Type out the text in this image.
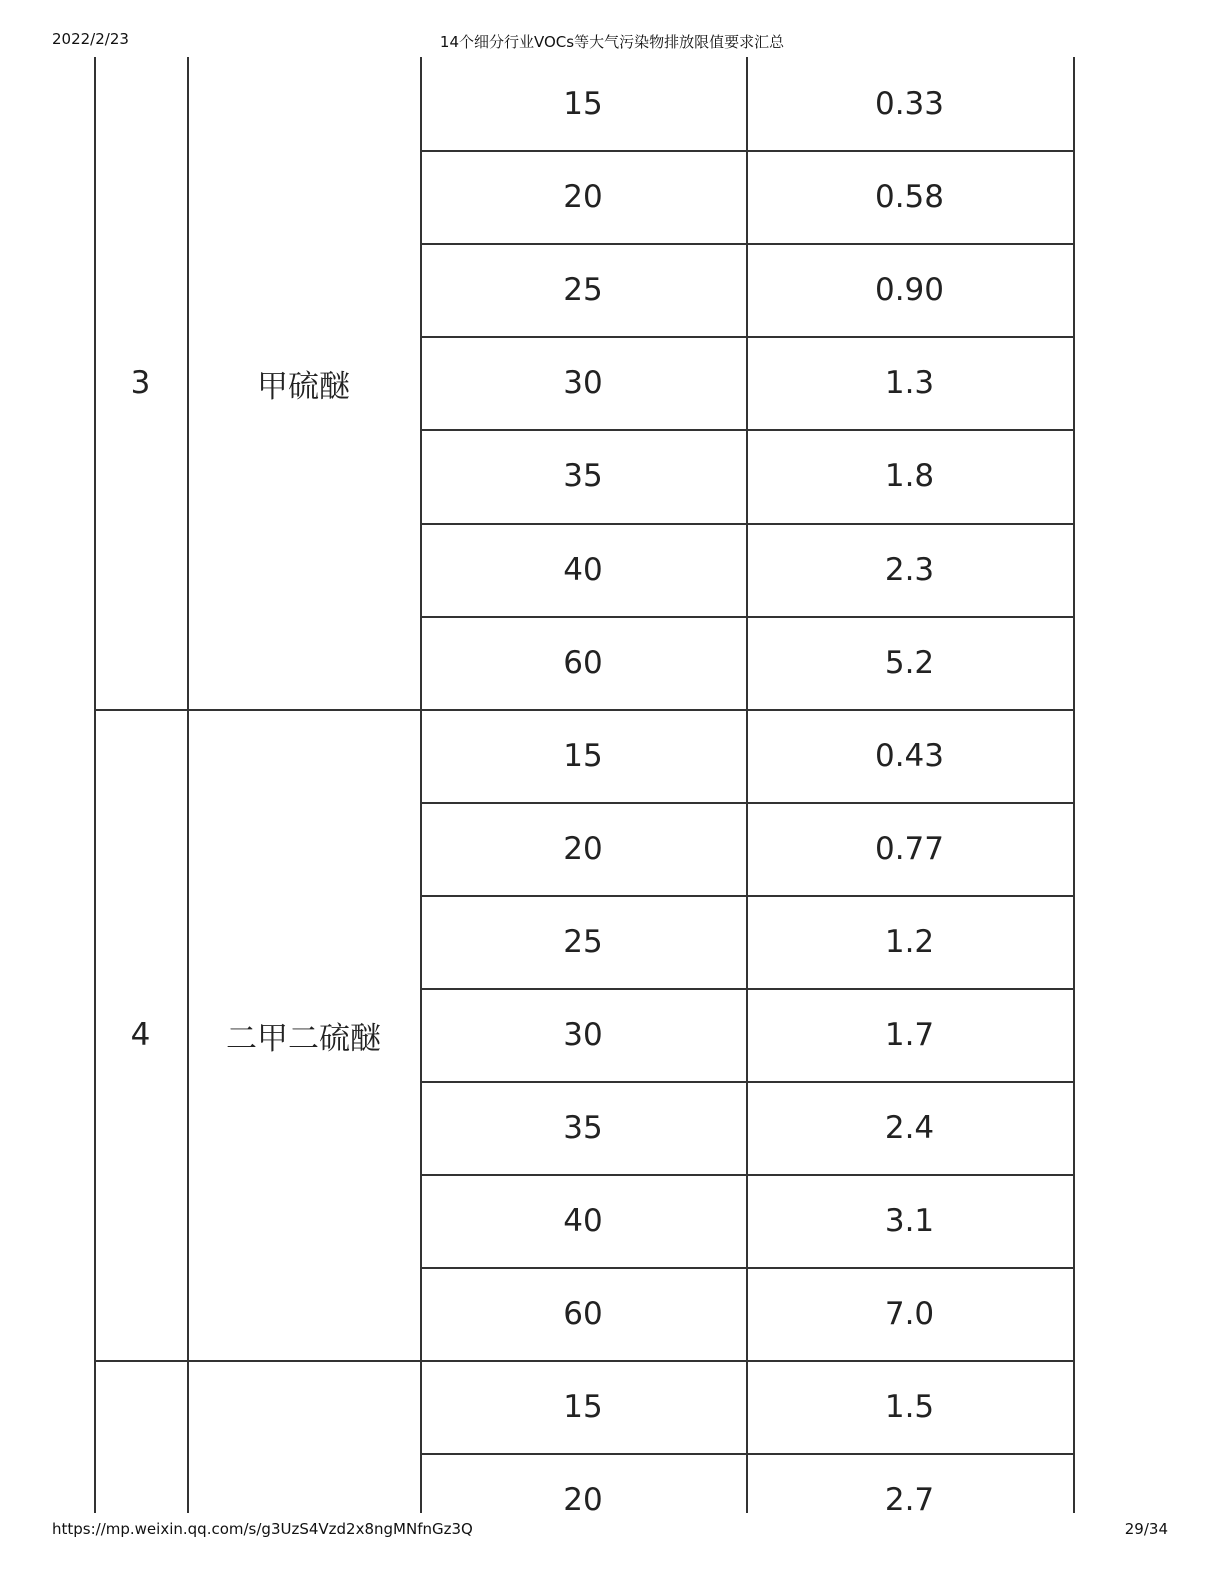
2022/2/23	14个细分行业VOCs等大气污染物排放限值要求汇总
3	甲硫醚
15	0.33
20	0.58
25	0.90
30	1.3
35	1.8
40	2.3
60	5.2
4	二甲二硫醚
15	0.43
20	0.77
25	1.2
30	1.7
35	2.4
40	3.1
60	7.0
15	1.5
20	2.7
https://mp.weixin.qq.com/s/g3UzS4Vzd2x8ngMNfnGz3Q	29/34
